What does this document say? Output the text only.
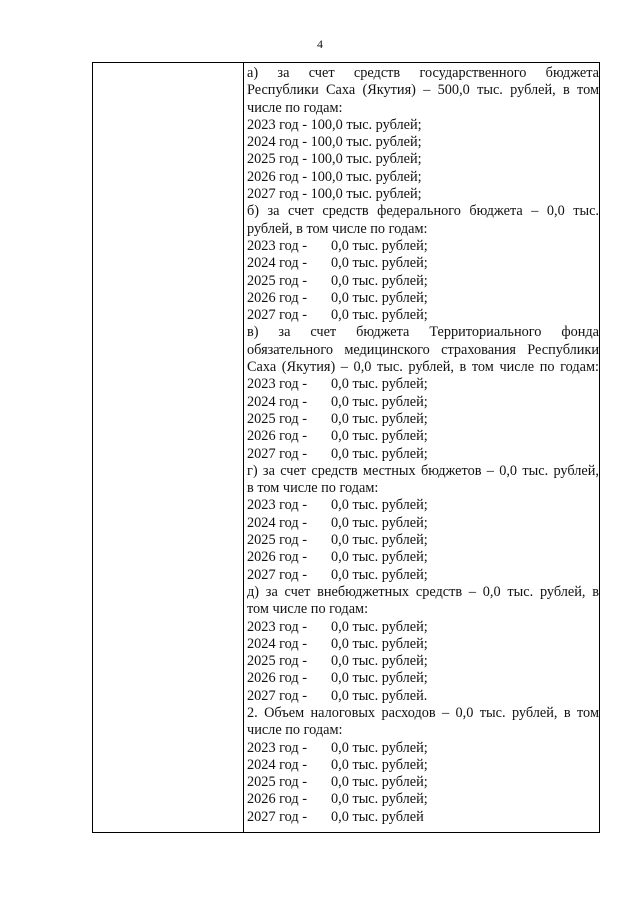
4
а) за счет средств государственного бюджета
Республики Саха (Якутия) – 500,0 тыс. рублей, в том
числе по годам:
2023 год - 100,0 тыс. рублей;
2024 год - 100,0 тыс. рублей;
2025 год - 100,0 тыс. рублей;
2026 год - 100,0 тыс. рублей;
2027 год - 100,0 тыс. рублей;
б) за счет средств федерального бюджета – 0,0 тыс.
рублей, в том числе по годам:
2023 год -	0,0 тыс. рублей;
2024 год -	0,0 тыс. рублей;
2025 год -	0,0 тыс. рублей;
2026 год -	0,0 тыс. рублей;
2027 год -	0,0 тыс. рублей;
в) за счет бюджета Территориального фонда
обязательного медицинского страхования Республики
Саха (Якутия) – 0,0 тыс. рублей, в том числе по годам:
2023 год -	0,0 тыс. рублей;
2024 год -	0,0 тыс. рублей;
2025 год -	0,0 тыс. рублей;
2026 год -	0,0 тыс. рублей;
2027 год -	0,0 тыс. рублей;
г) за счет средств местных бюджетов – 0,0 тыс. рублей,
в том числе по годам:
2023 год -	0,0 тыс. рублей;
2024 год -	0,0 тыс. рублей;
2025 год -	0,0 тыс. рублей;
2026 год -	0,0 тыс. рублей;
2027 год -	0,0 тыс. рублей;
д) за счет внебюджетных средств – 0,0 тыс. рублей, в
том числе по годам:
2023 год -	0,0 тыс. рублей;
2024 год -	0,0 тыс. рублей;
2025 год -	0,0 тыс. рублей;
2026 год -	0,0 тыс. рублей;
2027 год -	0,0 тыс. рублей.
2. Объем налоговых расходов – 0,0 тыс. рублей, в том
числе по годам:
2023 год -	0,0 тыс. рублей;
2024 год -	0,0 тыс. рублей;
2025 год -	0,0 тыс. рублей;
2026 год -	0,0 тыс. рублей;
2027 год -	0,0 тыс. рублей
